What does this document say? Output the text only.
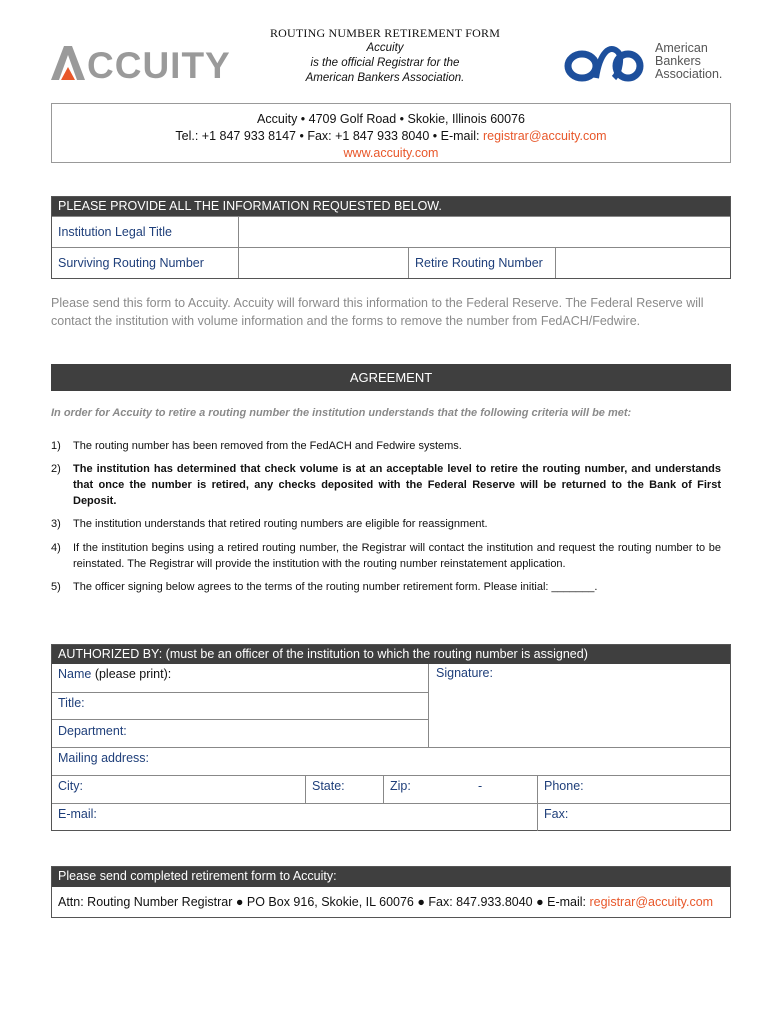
ROUTING NUMBER RETIREMENT FORM
Accuity
is the official Registrar for the
American Bankers Association.
CCUITY	American
Bankers
Association.
Accuity • 4709 Golf Road • Skokie, Illinois 60076
Tel.: +1 847 933 8147 • Fax: +1 847 933 8040 • E-mail: registrar@accuity.com
www.accuity.com
PLEASE PROVIDE ALL THE INFORMATION REQUESTED BELOW.
Institution Legal Title
Surviving Routing Number	Retire Routing Number
Please send this form to Accuity. Accuity will forward this information to the Federal Reserve. The Federal Reserve will contact the institution with volume information and the forms to remove the number from FedACH/Fedwire.
AGREEMENT
In order for Accuity to retire a routing number the institution understands that the following criteria will be met:
1)	The routing number has been removed from the FedACH and Fedwire systems.
2)	The institution has determined that check volume is at an acceptable level to retire the routing number, and understands that once the number is retired, any checks deposited with the Federal Reserve will be returned to the Bank of First Deposit.
3)	The institution understands that retired routing numbers are eligible for reassignment.
4)	If the institution begins using a retired routing number, the Registrar will contact the institution and request the routing number to be reinstated. The Registrar will provide the institution with the routing number reinstatement application.
5)	The officer signing below agrees to the terms of the routing number retirement form. Please initial: _______.
AUTHORIZED BY: (must be an officer of the institution to which the routing number is assigned)
Name (please print):	Signature:
Title:
Department:
Mailing address:
City:	State:	Zip:	-	Phone:
E-mail:	Fax:
Please send completed retirement form to Accuity:
Attn: Routing Number Registrar ● PO Box 916, Skokie, IL 60076 ● Fax: 847.933.8040 ● E-mail: registrar@accuity.com
